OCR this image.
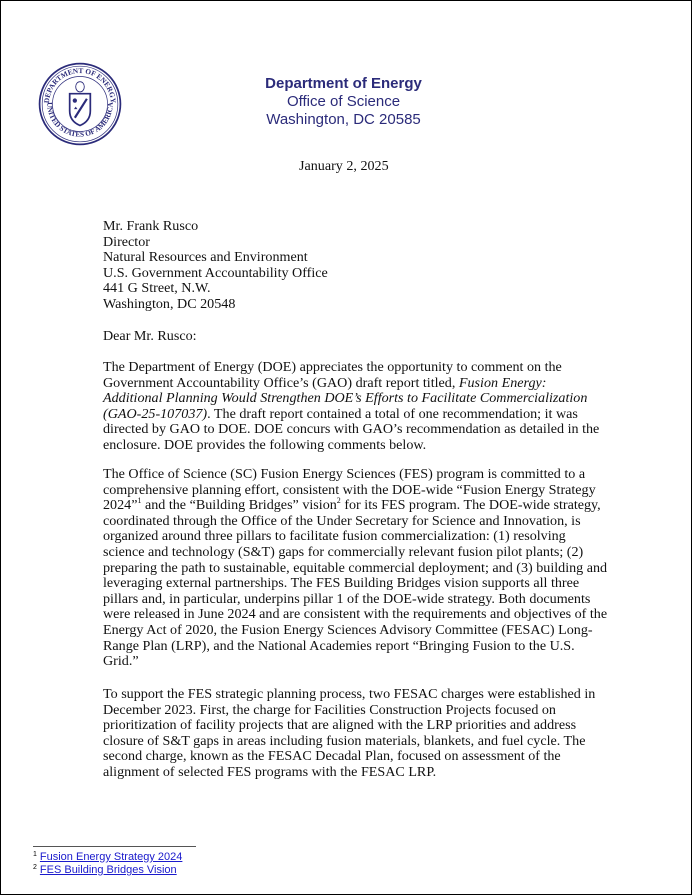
DEPARTMENT OF ENERGY
UNITED STATES OF AMERICA
Department of Energy
Office of Science
Washington, DC 20585
January 2, 2025
Mr. Frank Rusco
Director
Natural Resources and Environment
U.S. Government Accountability Office
441 G Street, N.W.
Washington, DC 20548
Dear Mr. Rusco:
The Department of Energy (DOE) appreciates the opportunity to comment on the
Government Accountability Office’s (GAO) draft report titled, Fusion Energy:
Additional Planning Would Strengthen DOE’s Efforts to Facilitate Commercialization
(GAO-25-107037). The draft report contained a total of one recommendation; it was
directed by GAO to DOE. DOE concurs with GAO’s recommendation as detailed in the
enclosure. DOE provides the following comments below.
The Office of Science (SC) Fusion Energy Sciences (FES) program is committed to a
comprehensive planning effort, consistent with the DOE-wide “Fusion Energy Strategy
2024”$^1$ and the “Building Bridges” vision$^2$ for its FES program. The DOE-wide strategy,
coordinated through the Office of the Under Secretary for Science and Innovation, is
organized around three pillars to facilitate fusion commercialization: (1) resolving
science and technology (S&T) gaps for commercially relevant fusion pilot plants; (2)
preparing the path to sustainable, equitable commercial deployment; and (3) building and
leveraging external partnerships. The FES Building Bridges vision supports all three
pillars and, in particular, underpins pillar 1 of the DOE-wide strategy. Both documents
were released in June 2024 and are consistent with the requirements and objectives of the
Energy Act of 2020, the Fusion Energy Sciences Advisory Committee (FESAC) Long-
Range Plan (LRP), and the National Academies report “Bringing Fusion to the U.S.
Grid.”
To support the FES strategic planning process, two FESAC charges were established in
December 2023. First, the charge for Facilities Construction Projects focused on
prioritization of facility projects that are aligned with the LRP priorities and address
closure of S&T gaps in areas including fusion materials, blankets, and fuel cycle. The
second charge, known as the FESAC Decadal Plan, focused on assessment of the
alignment of selected FES programs with the FESAC LRP.
$^1$ Fusion Energy Strategy 2024
$^2$ FES Building Bridges Vision
